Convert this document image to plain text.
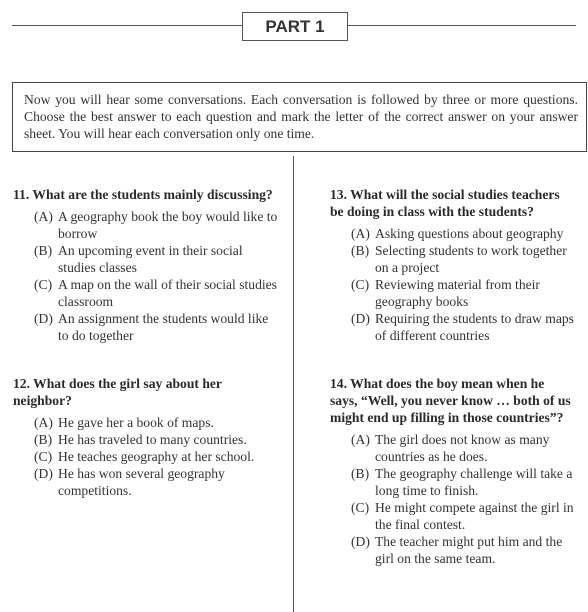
PART 1
Now you will hear some conversations. Each conversation is followed by three or more questions. Choose the best answer to each question and mark the letter of the correct answer on your answer sheet. You will hear each conversation only one time.
11. What are the students mainly discussing?
(A) A geography book the boy would like to borrow
(B) An upcoming event in their social studies classes
(C) A map on the wall of their social studies classroom
(D) An assignment the students would like to do together
12. What does the girl say about her neighbor?
(A) He gave her a book of maps.
(B) He has traveled to many countries.
(C) He teaches geography at her school.
(D) He has won several geography competitions.
13. What will the social studies teachers be doing in class with the students?
(A) Asking questions about geography
(B) Selecting students to work together on a project
(C) Reviewing material from their geography books
(D) Requiring the students to draw maps of different countries
14. What does the boy mean when he says, “Well, you never know … both of us might end up filling in those countries”?
(A) The girl does not know as many countries as he does.
(B) The geography challenge will take a long time to finish.
(C) He might compete against the girl in the final contest.
(D) The teacher might put him and the girl on the same team.
